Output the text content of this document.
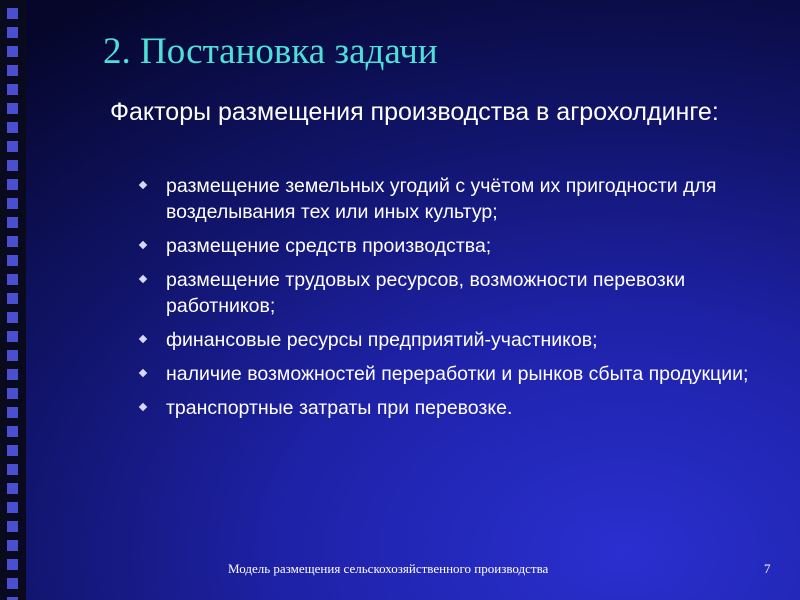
2. Постановка задачи
Факторы размещения производства в агрохолдинге:
размещение земельных угодий с учётом их пригодности для возделывания тех или иных культур;
размещение средств производства;
размещение трудовых ресурсов, возможности перевозки работников;
финансовые ресурсы предприятий-участников;
наличие возможностей переработки и рынков сбыта продукции;
транспортные затраты при перевозке.
Модель размещения сельскохозяйственного производства	7
